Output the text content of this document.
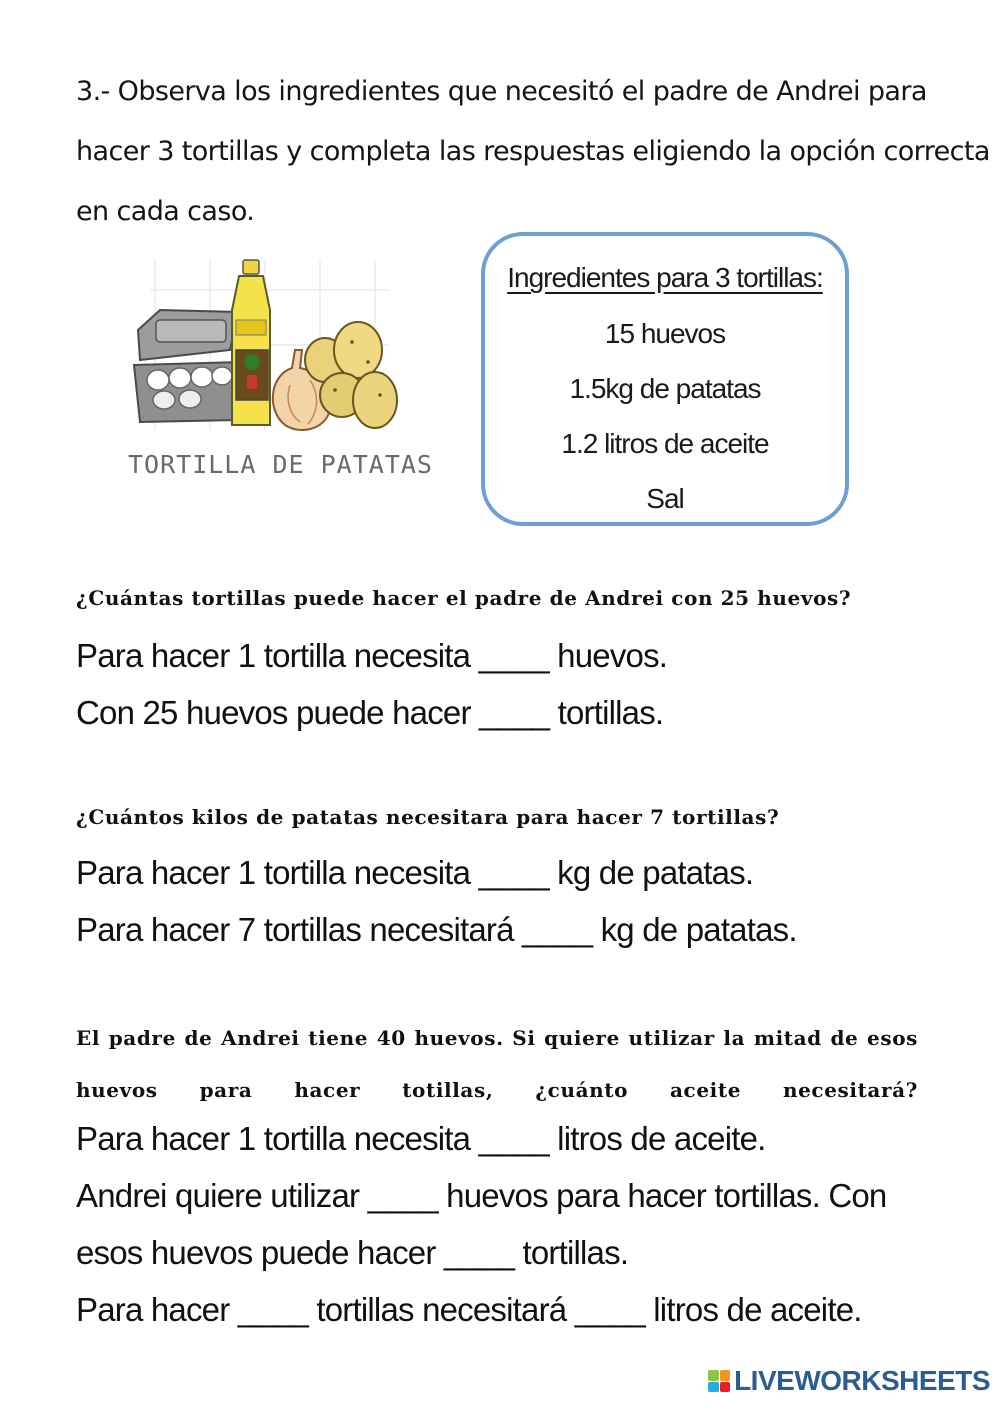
3.- Observa los ingredientes que necesitó el padre de Andrei para
hacer 3 tortillas y completa las respuestas eligiendo la opción correcta
en cada caso.
TORTILLA DE PATATAS
Ingredientes para 3 tortillas:
15 huevos
1.5kg de patatas
1.2 litros de aceite
Sal
¿Cuántas tortillas puede hacer el padre de Andrei con 25 huevos?
Para hacer 1 tortilla necesita ____ huevos.
Con 25 huevos puede hacer ____ tortillas.
¿Cuántos kilos de patatas necesitara para hacer 7 tortillas?
Para hacer 1 tortilla necesita ____ kg de patatas.
Para hacer 7 tortillas necesitará ____ kg de patatas.
El padre de Andrei tiene 40 huevos. Si quiere utilizar la mitad de esos huevos para hacer totillas, ¿cuánto aceite necesitará?
Para hacer 1 tortilla necesita ____ litros de aceite.
Andrei quiere utilizar ____ huevos para hacer tortillas. Con
esos huevos puede hacer ____ tortillas.
Para hacer ____ tortillas necesitará ____ litros de aceite.
LIVEWORKSHEETS
